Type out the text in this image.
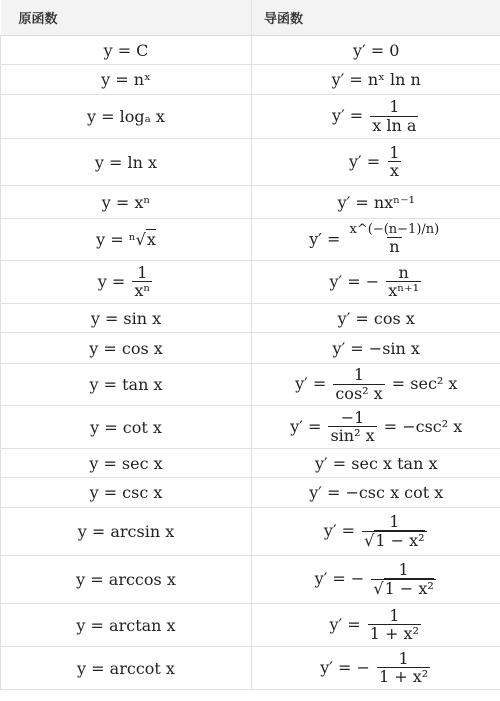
原函数	导函数
y = C	y′ = 0
y = nˣ	y′ = nˣ ln n
y = logₐ x	$y' = \frac{1}{\text{x ln a}}$

y = ln x	$y' = \frac{1}{x}$

y = xⁿ	y′ = nxⁿ⁻¹
y = ⁿ√x	$y' = \frac{x\^{}(-(n-1)/n)}{n}$

$y = \frac{1}{\text{xⁿ}}$	y′ = − $\frac{n}{\text{xⁿ⁺¹}}$

y = sin x	y′ = cos x
y = cos x	y′ = −sin x
y = tan x	$y' = \frac{1}{\text{cos² x}} = \sec^2$ x
y = cot x	$y' = \frac{-1}{\text{sin² x}} = -\csc^2$ x
y = sec x	y′ = sec x tan x
y = csc x	y′ = −csc x cot x
y = arcsin x	$y' = \frac{1}{\text{√1 − x²}}$

y = arccos x	y′ = − $\frac{1}{\text{√1 − x²}}$

y = arctan x	$y' = \frac{1}{\text{1 + x²}}$

y = arccot x	y′ = − $\frac{1}{\text{1 + x²}}$
